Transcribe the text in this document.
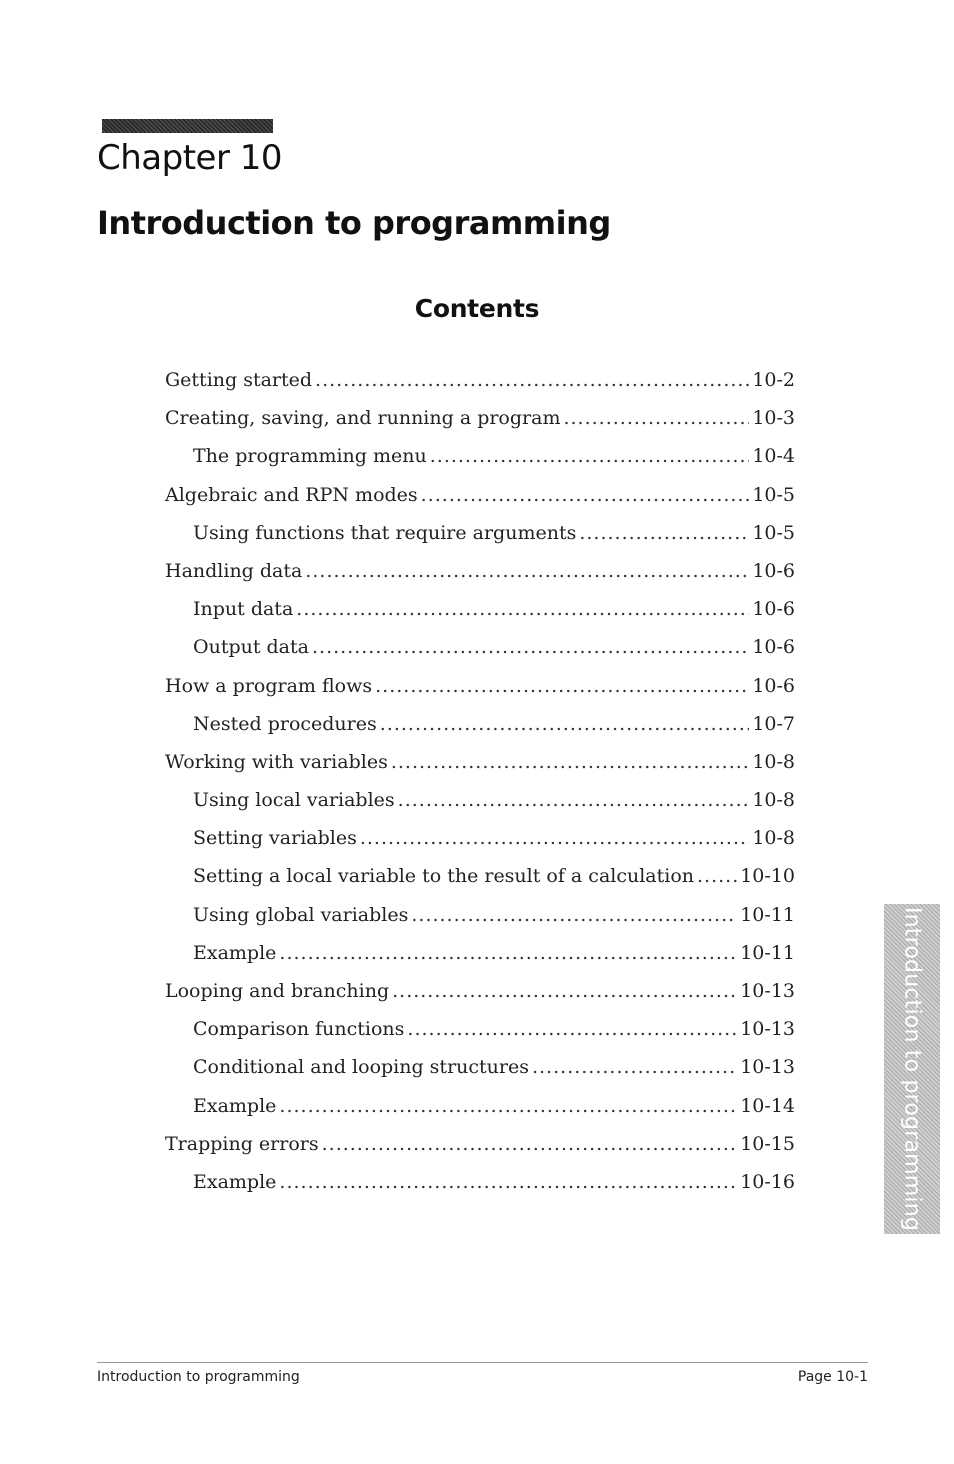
Chapter 10
Introduction to programming
Contents
Getting started .....	10-2
Creating, saving, and running a program .....	10-3
The programming menu .....	10-4
Algebraic and RPN modes .....	10-5
Using functions that require arguments .....	10-5
Handling data .....	10-6
Input data .....	10-6
Output data .....	10-6
How a program flows .....	10-6
Nested procedures .....	10-7
Working with variables .....	10-8
Using local variables .....	10-8
Setting variables .....	10-8
Setting a local variable to the result of a calculation ..... 10-10
Using global variables .....	10-11
Example .....	10-11
Looping and branching .....	10-13
Comparison functions .....	10-13
Conditional and looping structures .....	10-13
Example .....	10-14
Trapping errors .....	10-15
Example .....	10-16	Introduction to programming
Introduction to programming	Page 10-1
